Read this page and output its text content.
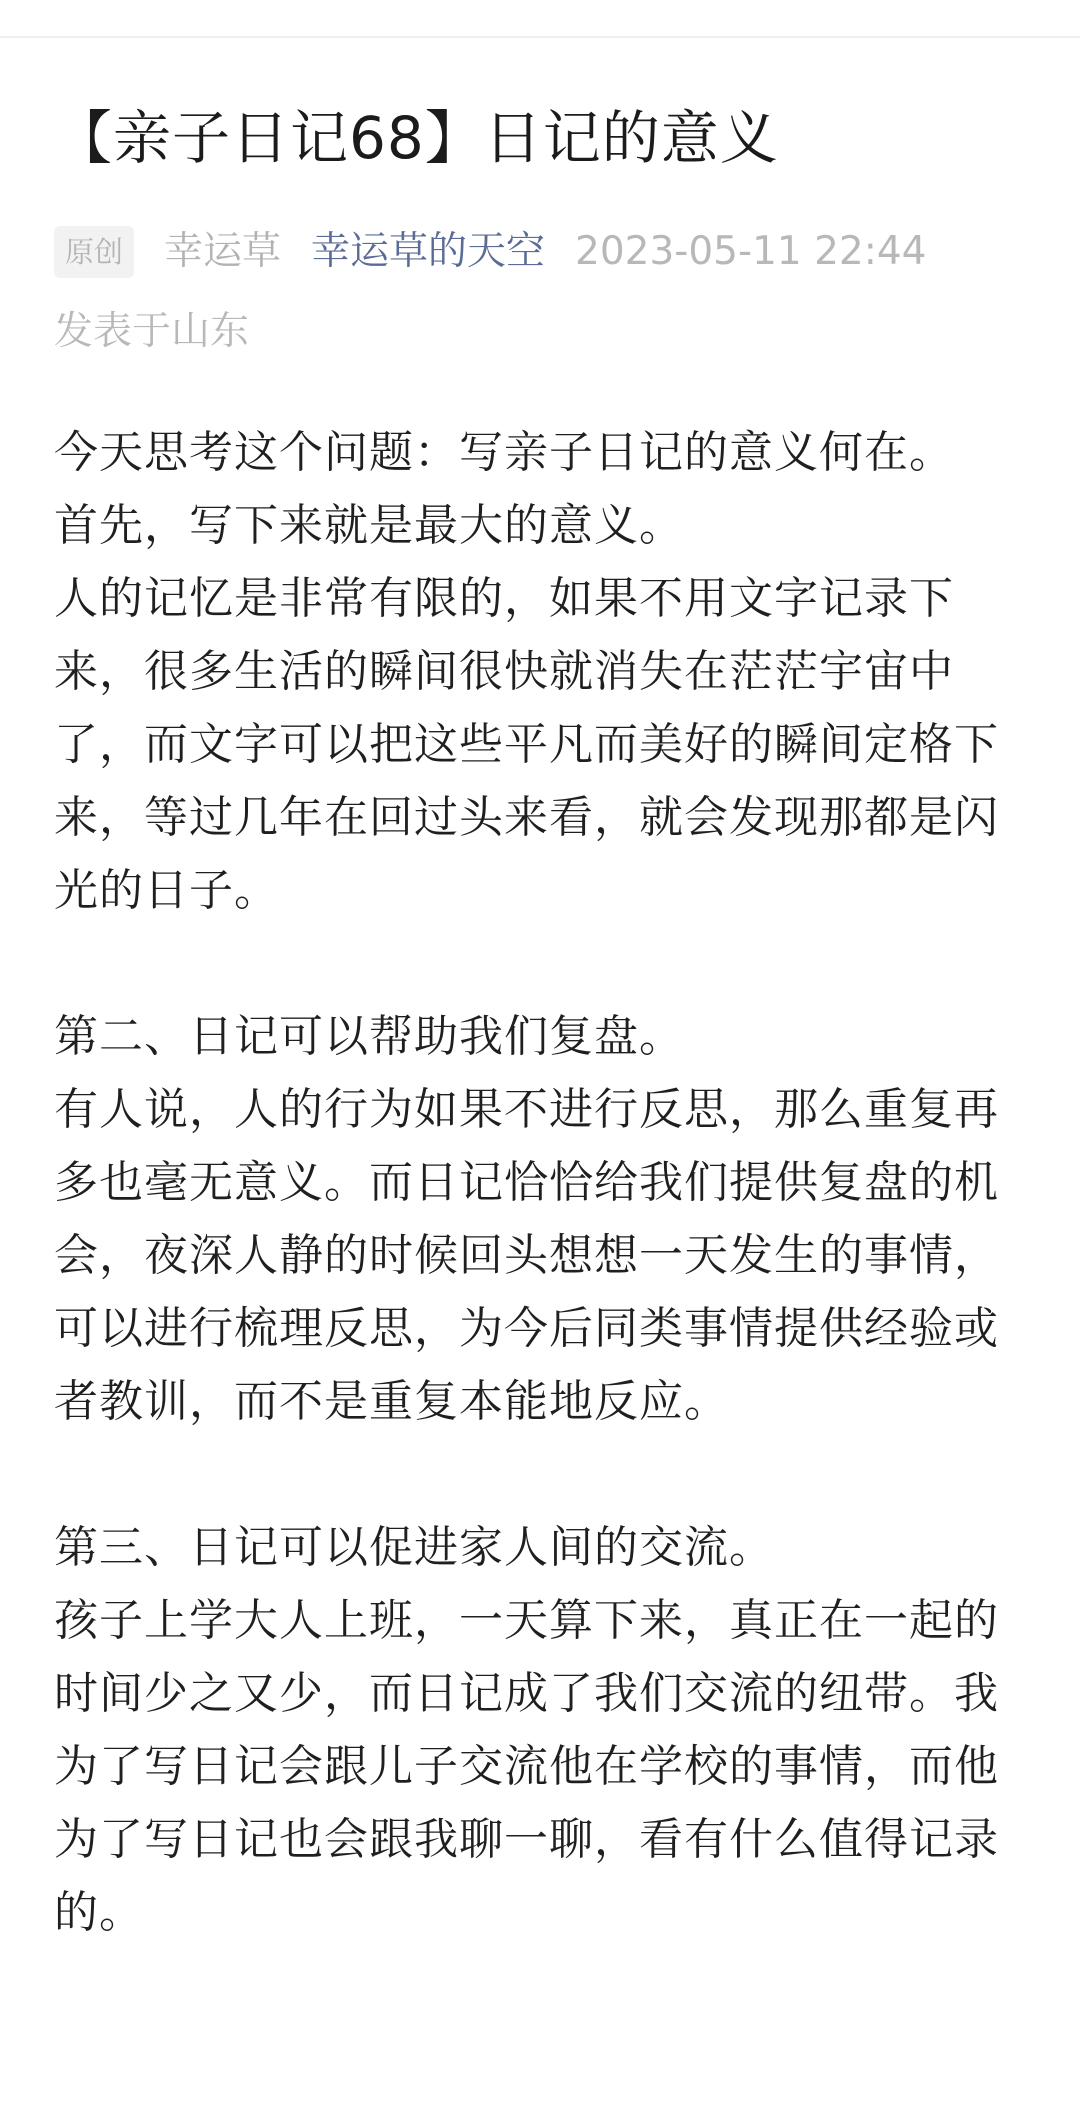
【亲子日记68】日记的意义
原创 幸运草 幸运草的天空 2023-05-11 22:44
发表于山东

今天思考这个问题：写亲子日记的意义何在。

首先，写下来就是最大的意义。

人的记忆是非常有限的，如果不用文字记录下来，很多生活的瞬间很快就消失在茫茫宇宙中了，而文字可以把这些平凡而美好的瞬间定格下来，等过几年在回过头来看，就会发现那都是闪光的日子。

第二、日记可以帮助我们复盘。

有人说，人的行为如果不进行反思，那么重复再多也毫无意义。而日记恰恰给我们提供复盘的机会，夜深人静的时候回头想想一天发生的事情，可以进行梳理反思，为今后同类事情提供经验或者教训，而不是重复本能地反应。

第三、日记可以促进家人间的交流。

孩子上学大人上班，一天算下来，真正在一起的时间少之又少，而日记成了我们交流的纽带。我为了写日记会跟儿子交流他在学校的事情，而他为了写日记也会跟我聊一聊，看有什么值得记录的。
